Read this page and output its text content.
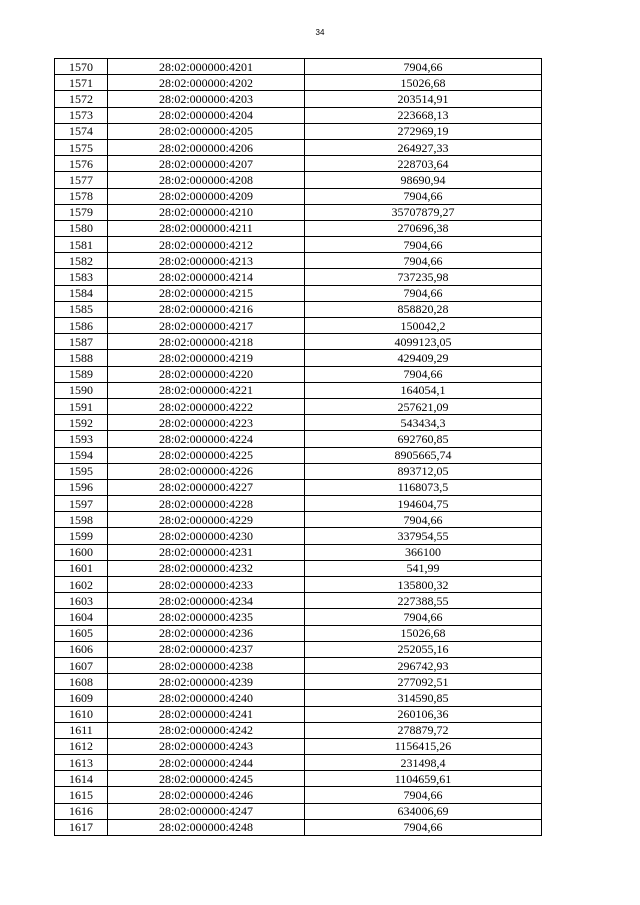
34
1570	28:02:000000:4201	7904,66
1571	28:02:000000:4202	15026,68
1572	28:02:000000:4203	203514,91
1573	28:02:000000:4204	223668,13
1574	28:02:000000:4205	272969,19
1575	28:02:000000:4206	264927,33
1576	28:02:000000:4207	228703,64
1577	28:02:000000:4208	98690,94
1578	28:02:000000:4209	7904,66
1579	28:02:000000:4210	35707879,27
1580	28:02:000000:4211	270696,38
1581	28:02:000000:4212	7904,66
1582	28:02:000000:4213	7904,66
1583	28:02:000000:4214	737235,98
1584	28:02:000000:4215	7904,66
1585	28:02:000000:4216	858820,28
1586	28:02:000000:4217	150042,2
1587	28:02:000000:4218	4099123,05
1588	28:02:000000:4219	429409,29
1589	28:02:000000:4220	7904,66
1590	28:02:000000:4221	164054,1
1591	28:02:000000:4222	257621,09
1592	28:02:000000:4223	543434,3
1593	28:02:000000:4224	692760,85
1594	28:02:000000:4225	8905665,74
1595	28:02:000000:4226	893712,05
1596	28:02:000000:4227	1168073,5
1597	28:02:000000:4228	194604,75
1598	28:02:000000:4229	7904,66
1599	28:02:000000:4230	337954,55
1600	28:02:000000:4231	366100
1601	28:02:000000:4232	541,99
1602	28:02:000000:4233	135800,32
1603	28:02:000000:4234	227388,55
1604	28:02:000000:4235	7904,66
1605	28:02:000000:4236	15026,68
1606	28:02:000000:4237	252055,16
1607	28:02:000000:4238	296742,93
1608	28:02:000000:4239	277092,51
1609	28:02:000000:4240	314590,85
1610	28:02:000000:4241	260106,36
1611	28:02:000000:4242	278879,72
1612	28:02:000000:4243	1156415,26
1613	28:02:000000:4244	231498,4
1614	28:02:000000:4245	1104659,61
1615	28:02:000000:4246	7904,66
1616	28:02:000000:4247	634006,69
1617	28:02:000000:4248	7904,66
